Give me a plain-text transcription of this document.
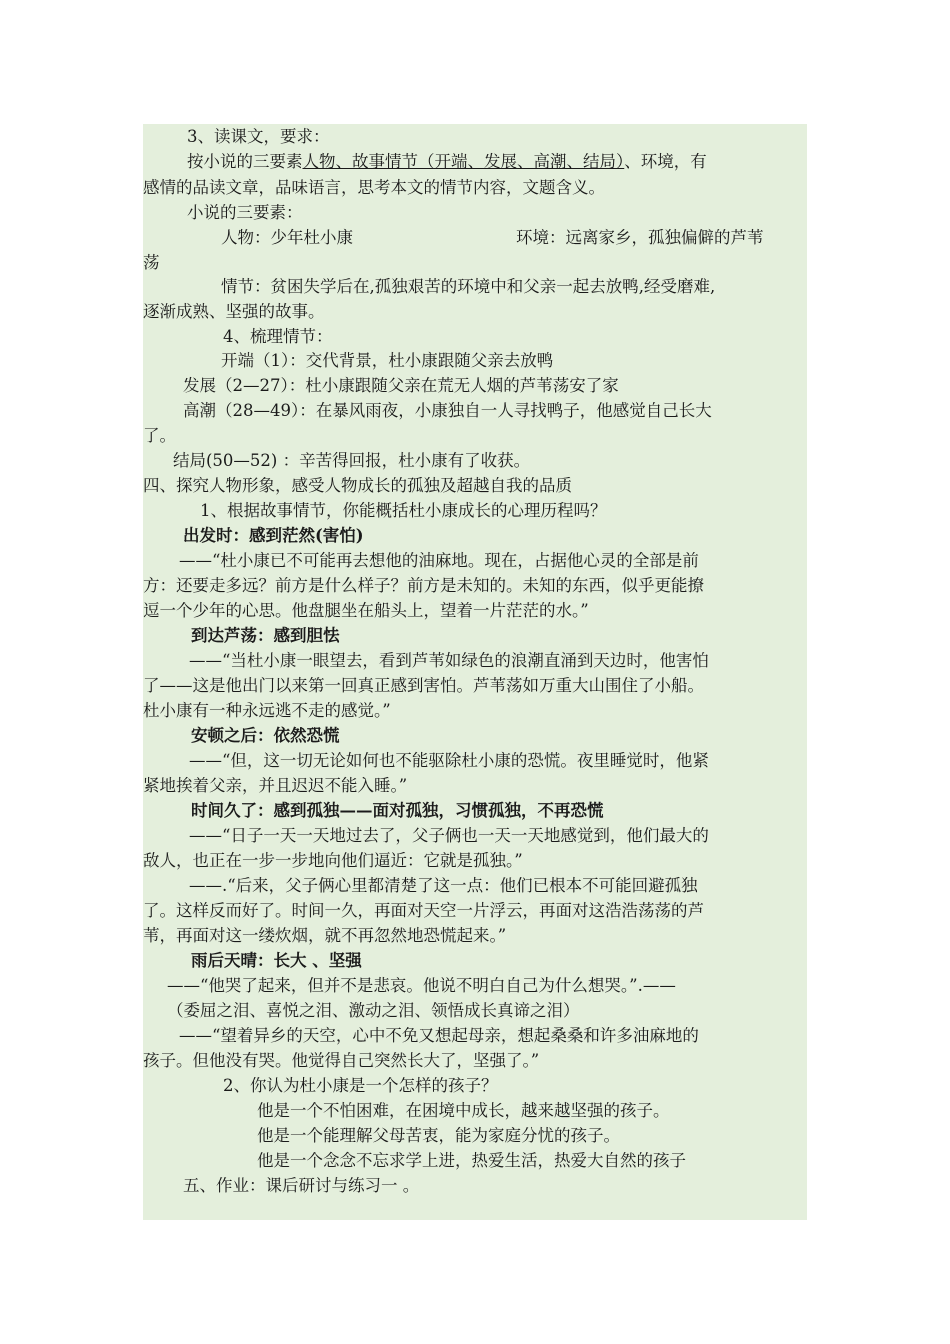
3、读课文，要求：
按小说的三要素人物、故事情节（开端、发展、高潮、结局）、环境，有
感情的品读文章，品味语言，思考本文的情节内容，文题含义。
小说的三要素：
人物：少年杜小康	环境：远离家乡，孤独偏僻的芦苇
荡
情节：贫困失学后在,孤独艰苦的环境中和父亲一起去放鸭,经受磨难,
逐渐成熟、坚强的故事。
4、梳理情节：
开端（1）：交代背景，杜小康跟随父亲去放鸭
发展（2—27）：杜小康跟随父亲在荒无人烟的芦苇荡安了家
高潮（28—49）：在暴风雨夜，小康独自一人寻找鸭子，他感觉自己长大
了。
结局(50—52) ：辛苦得回报，杜小康有了收获。
四、探究人物形象，感受人物成长的孤独及超越自我的品质
1、根据故事情节，你能概括杜小康成长的心理历程吗？
出发时：感到茫然(害怕)
——“杜小康已不可能再去想他的油麻地。现在，占据他心灵的全部是前
方：还要走多远？前方是什么样子？前方是未知的。未知的东西，似乎更能撩
逗一个少年的心思。他盘腿坐在船头上，望着一片茫茫的水。”
到达芦荡：感到胆怯
——“当杜小康一眼望去，看到芦苇如绿色的浪潮直涌到天边时，他害怕
了——这是他出门以来第一回真正感到害怕。芦苇荡如万重大山围住了小船。
杜小康有一种永远逃不走的感觉。”
安顿之后：依然恐慌
——“但，这一切无论如何也不能驱除杜小康的恐慌。夜里睡觉时，他紧
紧地挨着父亲，并且迟迟不能入睡。”
时间久了：感到孤独——面对孤独，习惯孤独，不再恐慌
——“日子一天一天地过去了，父子俩也一天一天地感觉到，他们最大的
敌人，也正在一步一步地向他们逼近：它就是孤独。”
——.“后来，父子俩心里都清楚了这一点：他们已根本不可能回避孤独
了。这样反而好了。时间一久，再面对天空一片浮云，再面对这浩浩荡荡的芦
苇，再面对这一缕炊烟，就不再忽然地恐慌起来。”
雨后天晴：长大 、坚强
——“他哭了起来，但并不是悲哀。他说不明白自己为什么想哭。”.——
（委屈之泪、喜悦之泪、激动之泪、领悟成长真谛之泪）
——“望着异乡的天空，心中不免又想起母亲，想起桑桑和许多油麻地的
孩子。但他没有哭。他觉得自己突然长大了，坚强了。”
2、你认为杜小康是一个怎样的孩子？
他是一个不怕困难，在困境中成长，越来越坚强的孩子。
他是一个能理解父母苦衷，能为家庭分忧的孩子。
他是一个念念不忘求学上进，热爱生活，热爱大自然的孩子
五、作业：课后研讨与练习一 。
